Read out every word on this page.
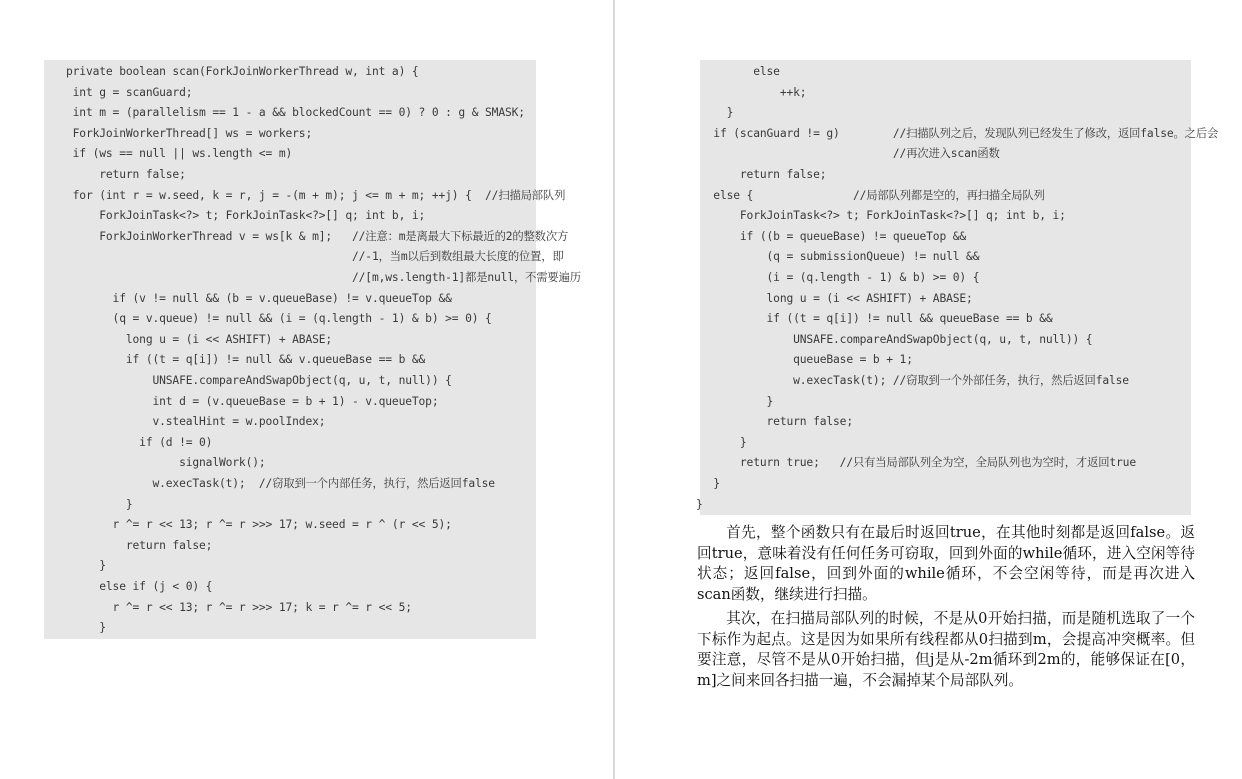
private boolean scan(ForkJoinWorkerThread w, int a) {
int g = scanGuard;
int m = (parallelism == 1 - a && blockedCount == 0) ? 0 : g & SMASK;
ForkJoinWorkerThread[] ws = workers;
if (ws == null || ws.length <= m)
return false;
for (int r = w.seed, k = r, j = -(m + m); j <= m + m; ++j) {  //扫描局部队列
ForkJoinTask<?> t; ForkJoinTask<?>[] q; int b, i;
ForkJoinWorkerThread v = ws[k & m];   //注意：m是离最大下标最近的2的整数次方
//-1，当m以后到数组最大长度的位置，即
//[m,ws.length-1]都是null，不需要遍历
if (v != null && (b = v.queueBase) != v.queueTop &&
(q = v.queue) != null && (i = (q.length - 1) & b) >= 0) {
long u = (i << ASHIFT) + ABASE;
if ((t = q[i]) != null && v.queueBase == b &&
UNSAFE.compareAndSwapObject(q, u, t, null)) {
int d = (v.queueBase = b + 1) - v.queueTop;
v.stealHint = w.poolIndex;
if (d != 0)
signalWork();
w.execTask(t);  //窃取到一个内部任务，执行，然后返回false
}
r ^= r << 13; r ^= r >>> 17; w.seed = r ^ (r << 5);
return false;
}
else if (j < 0) {
r ^= r << 13; r ^= r >>> 17; k = r ^= r << 5;
}
else
++k;
}
if (scanGuard != g)        //扫描队列之后，发现队列已经发生了修改，返回false。之后会
//再次进入scan函数
return false;
else {               //局部队列都是空的，再扫描全局队列
ForkJoinTask<?> t; ForkJoinTask<?>[] q; int b, i;
if ((b = queueBase) != queueTop &&
(q = submissionQueue) != null &&
(i = (q.length - 1) & b) >= 0) {
long u = (i << ASHIFT) + ABASE;
if ((t = q[i]) != null && queueBase == b &&
UNSAFE.compareAndSwapObject(q, u, t, null)) {
queueBase = b + 1;
w.execTask(t); //窃取到一个外部任务，执行，然后返回false
}
return false;
}
return true;   //只有当局部队列全为空，全局队列也为空时，才返回true
}
}

首先，整个函数只有在最后时返回true，在其他时刻都是返回false。返回true，意味着没有任何任务可窃取，回到外面的while循环，进入空闲等待状态；返回false，回到外面的while循环，不会空闲等待，而是再次进入scan函数，继续进行扫描。

其次，在扫描局部队列的时候，不是从0开始扫描，而是随机选取了一个下标作为起点。这是因为如果所有线程都从0扫描到m，会提高冲突概率。但要注意，尽管不是从0开始扫描，但j是从-2m循环到2m的，能够保证在[0，m]之间来回各扫描一遍，不会漏掉某个局部队列。
